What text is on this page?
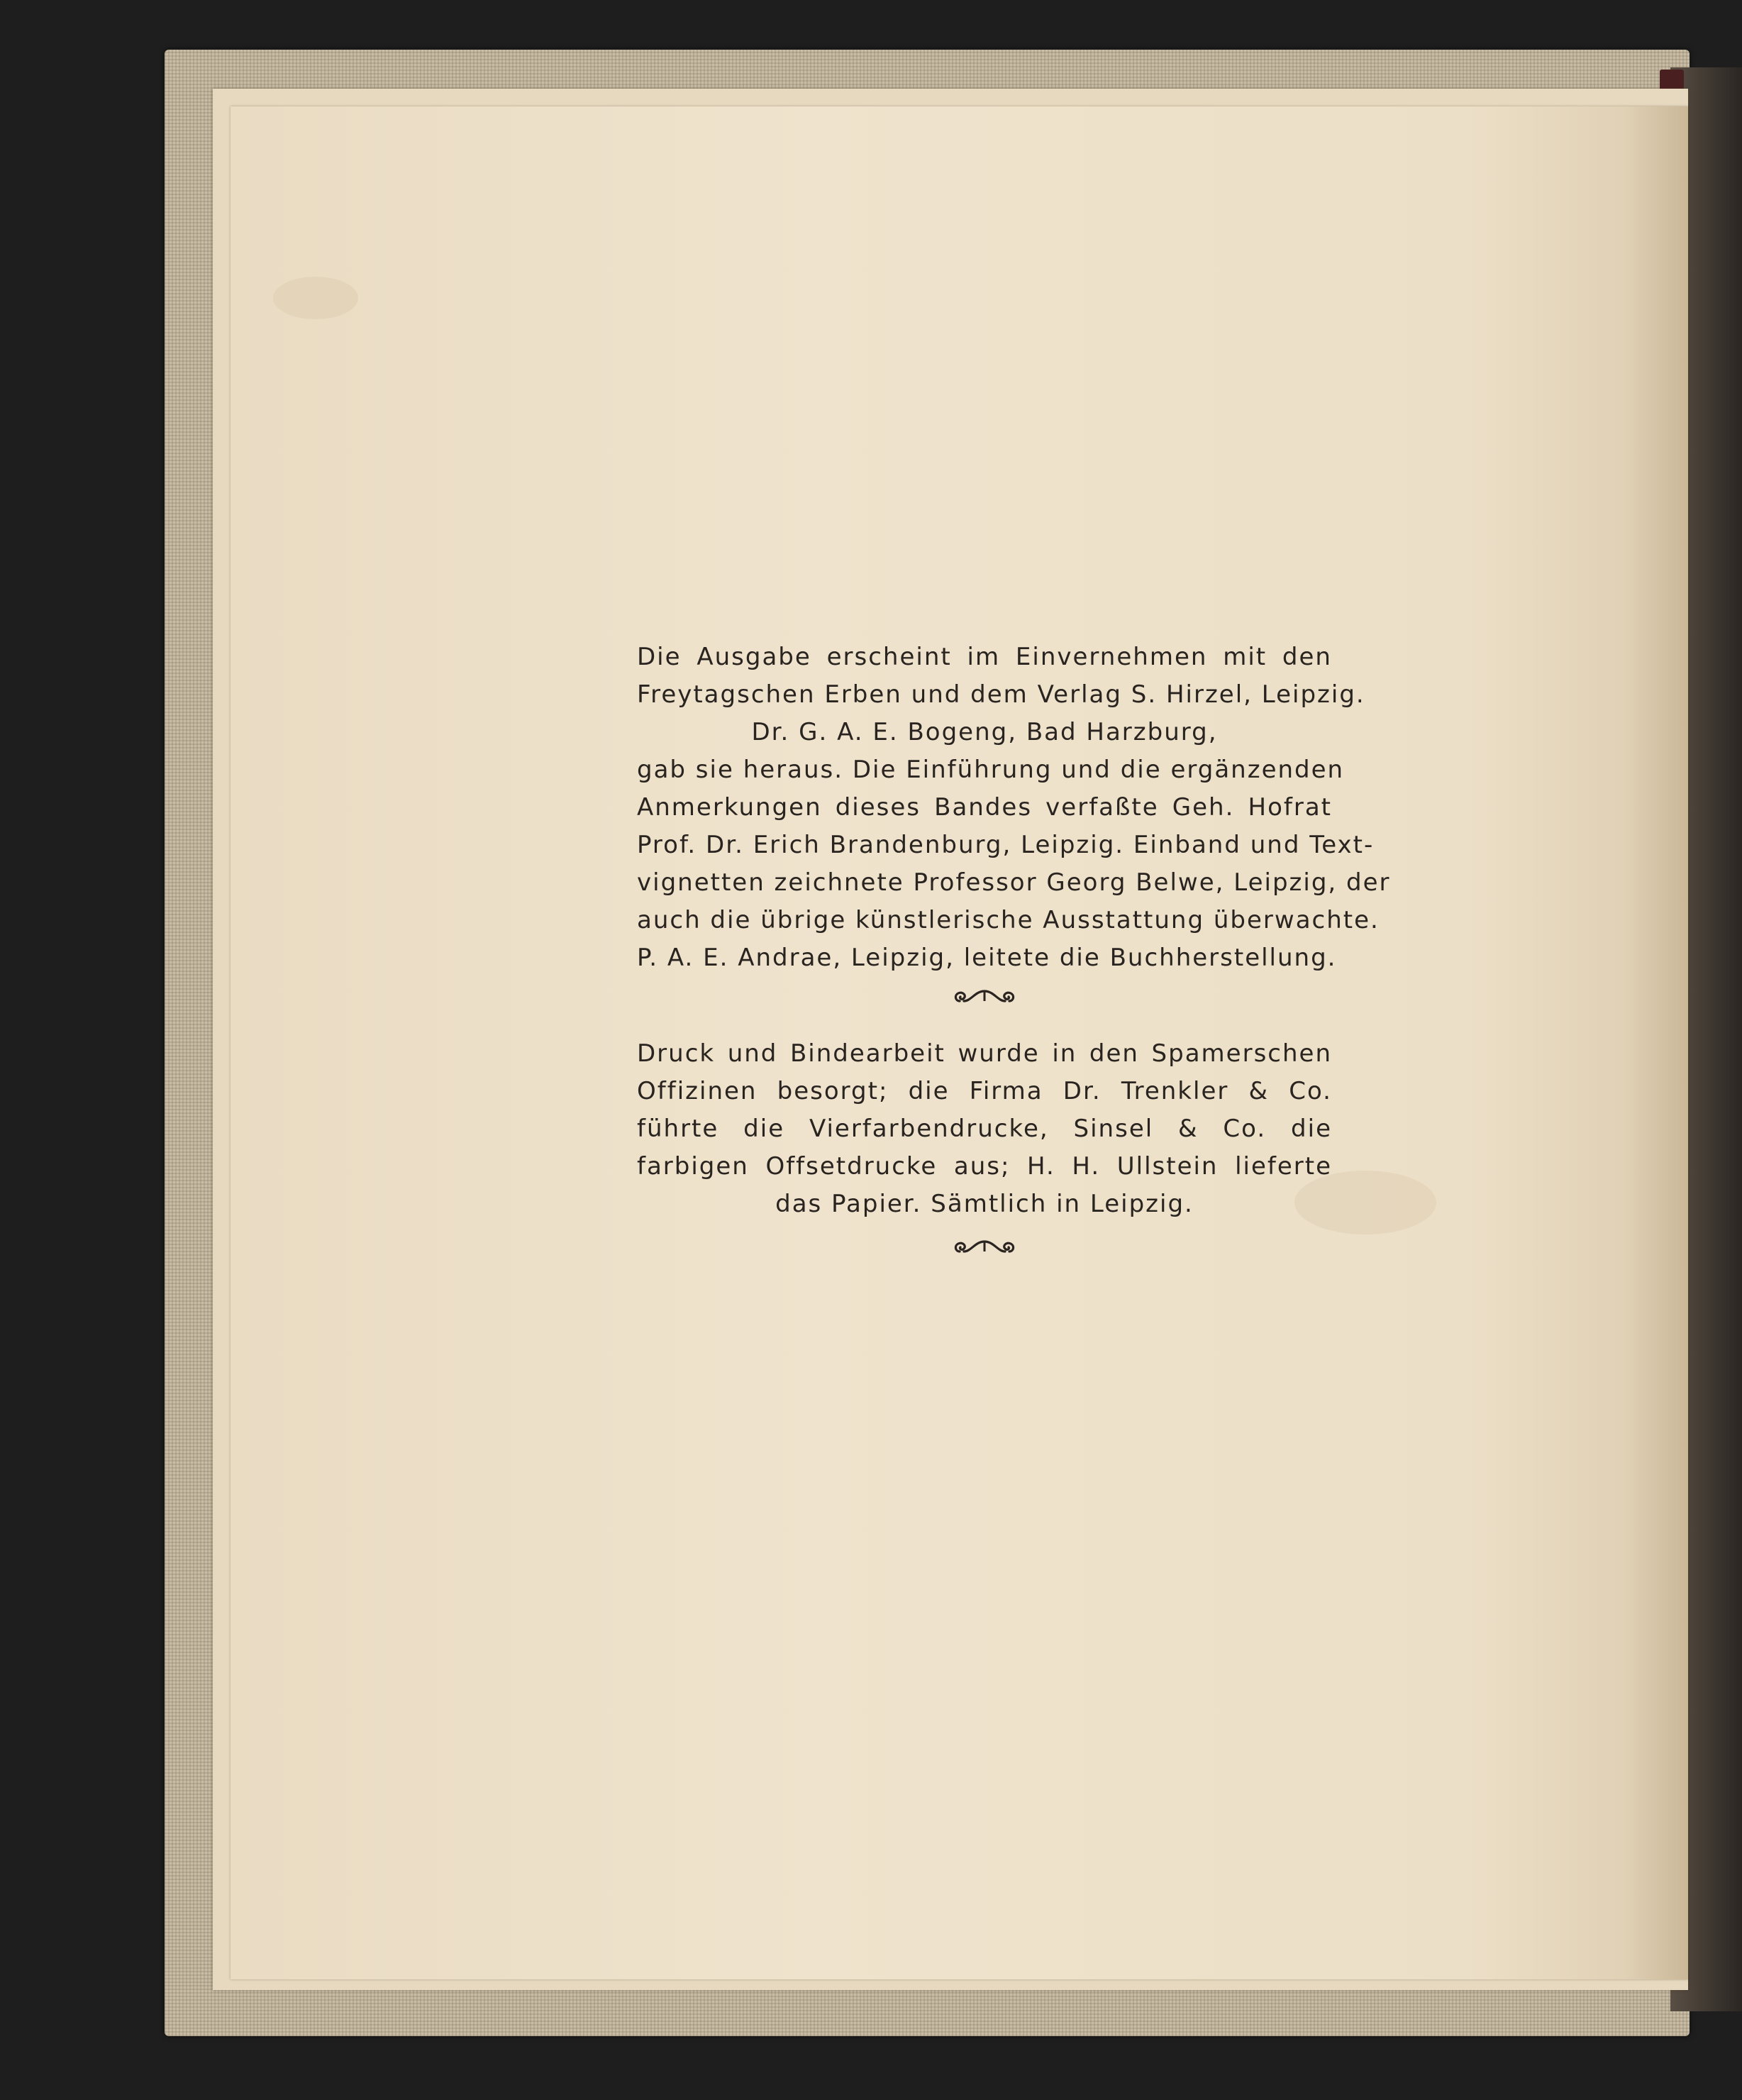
Die Ausgabe erscheint im Einvernehmen mit den
Freytagschen Erben und dem Verlag S. Hirzel, Leipzig.
Dr. G. A. E. Bogeng, Bad Harzburg,
gab sie heraus. Die Einführung und die ergänzenden
Anmerkungen dieses Bandes verfaßte Geh. Hofrat
Prof. Dr. Erich Brandenburg, Leipzig. Einband und Text-
vignetten zeichnete Professor Georg Belwe, Leipzig, der
auch die übrige künstlerische Ausstattung überwachte.
P. A. E. Andrae, Leipzig, leitete die Buchherstellung.
Druck und Bindearbeit wurde in den Spamerschen
Offizinen besorgt; die Firma Dr. Trenkler & Co.
führte die Vierfarbendrucke, Sinsel & Co. die
farbigen Offsetdrucke aus; H. H. Ullstein lieferte
das Papier. Sämtlich in Leipzig.
